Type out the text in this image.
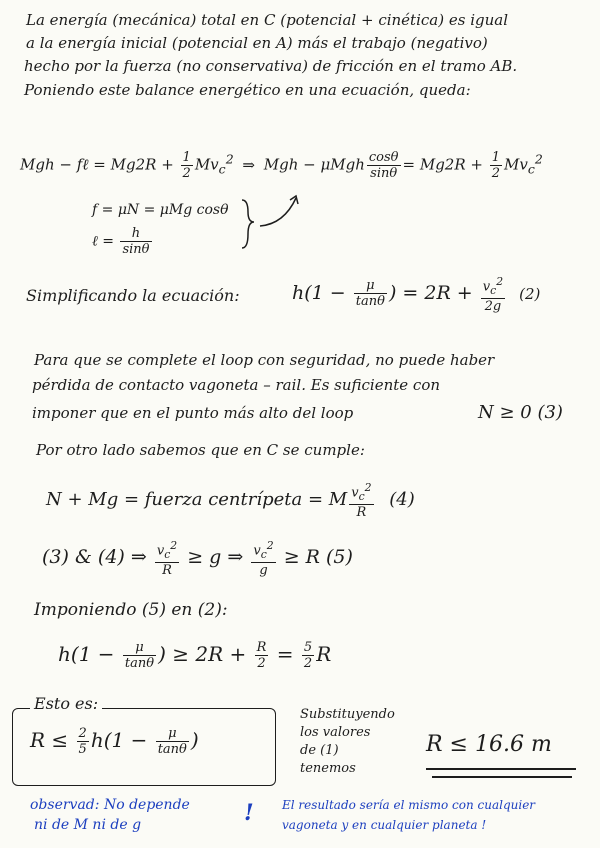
La energía (mecánica) total en C (potencial + cinética) es igual
a la energía inicial (potencial en A) más el trabajo (negativo)
hecho por la fuerza (no conservativa) de fricción en el tramo AB.
Poniendo este balance energético en una ecuación, queda:
Mgh − fℓ = $Mg2R + \frac{1}{2} Mv_c^2$ ⇒ Mgh − μMgh $\frac{\cos\theta}{\sin\theta} = Mg2R + \frac{1}{2} Mv_c^2$
f = μN = μMg cosθ
ℓ = $\frac{h}{\sin\theta}$
Simplificando la ecuación:	$h(1 - \frac{\mu}{\tan\theta}$ ) = $2R + \frac{v_c^2}{2g} (2)$
Para que se complete el loop con seguridad, no puede haber
pérdida de contacto vagoneta – rail. Es suficiente con
imponer que en el punto más alto del loop	N ≥ 0 (3)
Por otro lado sabemos que en C se cumple:
N + Mg = fuerza centrípeta = M $\frac{v_c^2}{R} (4)$
(3) & (4) ⇒ $\frac{v_c^2}{R} \ge g$ ⇒ $\frac{v_c^2}{g} \ge R$ (5)
Imponiendo (5) en (2):
$h(1 - \frac{\mu}{\tan\theta}$ ) ≥ $2R + \frac{R}{2} = \frac{5}{2}$ R
Esto es:
$R \le \frac{2}{5} h(1 - \frac{\mu}{\tan\theta}$ )
Substituyendo
los valores
de (1)
tenemos
R ≤ 16.6 m
observad: No depende
ni de M ni de g	! El resultado sería el mismo con cualquier
vagoneta y en cualquier planeta !
